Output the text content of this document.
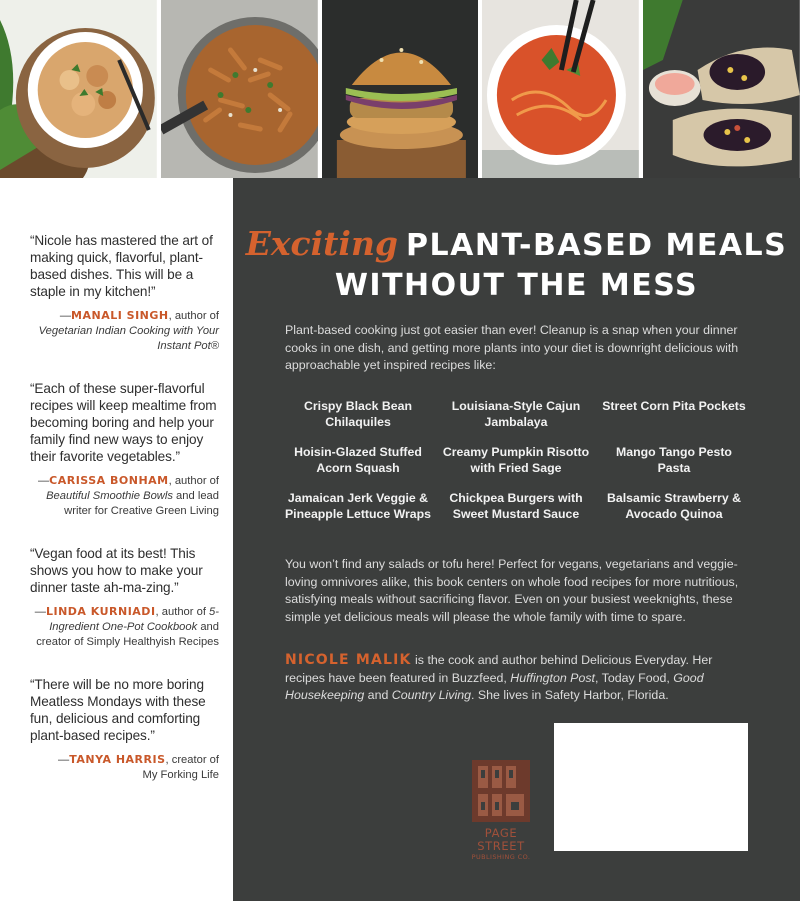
“Nicole has mastered the art of making quick, flavorful, plant-based dishes. This will be a staple in my kitchen!”

—MANALI SINGH, author of Vegetarian Indian Cooking with Your Instant Pot®

“Each of these super-flavorful recipes will keep mealtime from becoming boring and help your family find new ways to enjoy their favorite vegetables.”

—CARISSA BONHAM, author of Beautiful Smoothie Bowls and lead writer for Creative Green Living

“Vegan food at its best! This shows you how to make your dinner taste ah-ma-zing.”

—LINDA KURNIADI, author of 5-Ingredient One-Pot Cookbook and creator of Simply Healthyish Recipes

“There will be no more boring Meatless Mondays with these fun, delicious and comforting plant-based recipes.”

—TANYA HARRIS, creator of
My Forking Life

Exciting PLANT-BASED MEALS
WITHOUT THE MESS

Plant-based cooking just got easier than ever! Cleanup is a snap when your dinner cooks in one dish, and getting more plants into your diet is downright delicious with approachable yet inspired recipes like:

Crispy Black Bean Chilaquiles
Louisiana-Style Cajun Jambalaya
Street Corn Pita Pockets
Hoisin-Glazed Stuffed Acorn Squash
Creamy Pumpkin Risotto with Fried Sage
Mango Tango Pesto Pasta
Jamaican Jerk Veggie & Pineapple Lettuce Wraps
Chickpea Burgers with Sweet Mustard Sauce
Balsamic Strawberry & Avocado Quinoa

You won’t find any salads or tofu here! Perfect for vegans, vegetarians and veggie-loving omnivores alike, this book centers on whole food recipes for more nutritious, satisfying meals without sacrificing flavor. Even on your busiest weeknights, these simple yet delicious meals will please the whole family with time to spare.

NICOLE MALIK is the cook and author behind Delicious Everyday. Her recipes have been featured in Buzzfeed, Huffington Post, Today Food, Good Housekeeping and Country Living. She lives in Safety Harbor, Florida.

PAGE STREET
PUBLISHING CO.
